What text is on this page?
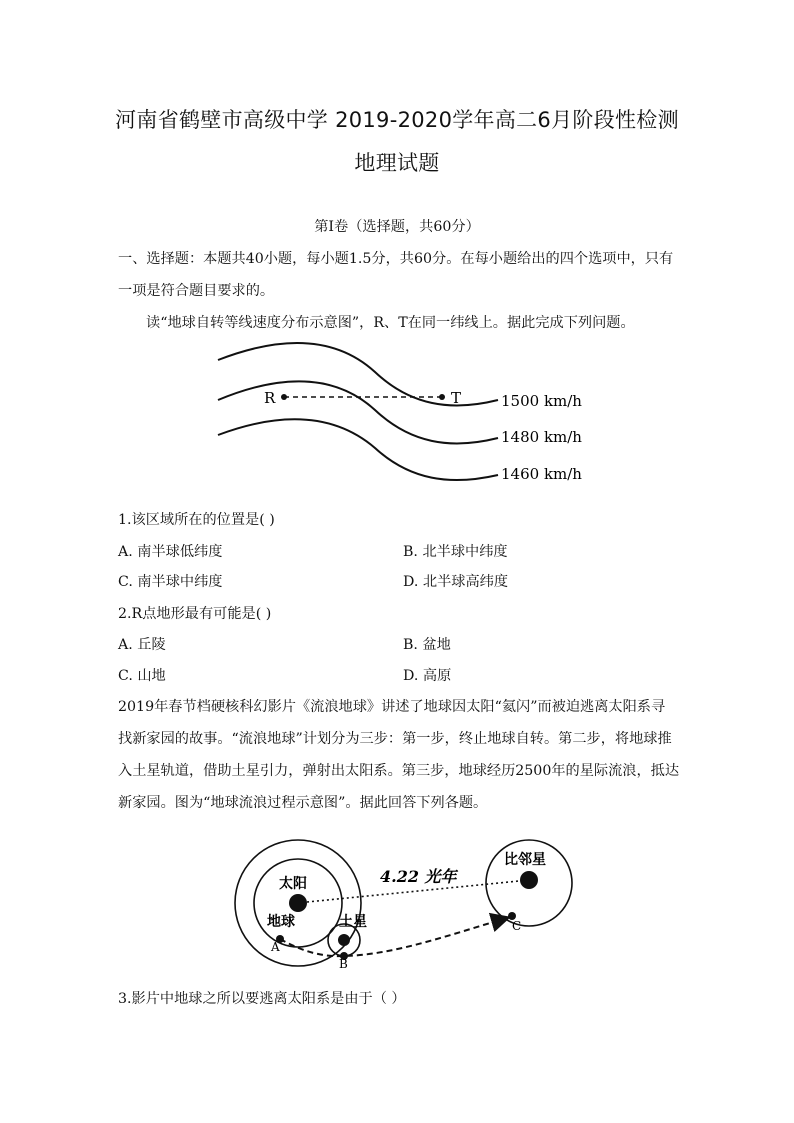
河南省鹤壁市高级中学 2019-2020学年高二6月阶段性检测
地理试题
第Ⅰ卷（选择题，共60分）
一、选择题：本题共40小题，每小题1.5分，共60分。在每小题给出的四个选项中，只有
一项是符合题目要求的。
读“地球自转等线速度分布示意图”，R、T在同一纬线上。据此完成下列问题。
R	T	1500 km/h
1480 km/h
1460 km/h
1.该区域所在的位置是( )
A. 南半球低纬度	B. 北半球中纬度
C. 南半球中纬度	D. 北半球高纬度
2.R点地形最有可能是( )
A. 丘陵	B. 盆地
C. 山地	D. 高原
2019年春节档硬核科幻影片《流浪地球》讲述了地球因太阳“氦闪”而被迫逃离太阳系寻
找新家园的故事。“流浪地球”计划分为三步：第一步，终止地球自转。第二步，将地球推
入土星轨道，借助土星引力，弹射出太阳系。第三步，地球经历2500年的星际流浪，抵达
新家园。图为“地球流浪过程示意图”。据此回答下列各题。
太阳
地球	土星
比邻星
4.22 光年
A
B
C
3.影片中地球之所以要逃离太阳系是由于（ ）
